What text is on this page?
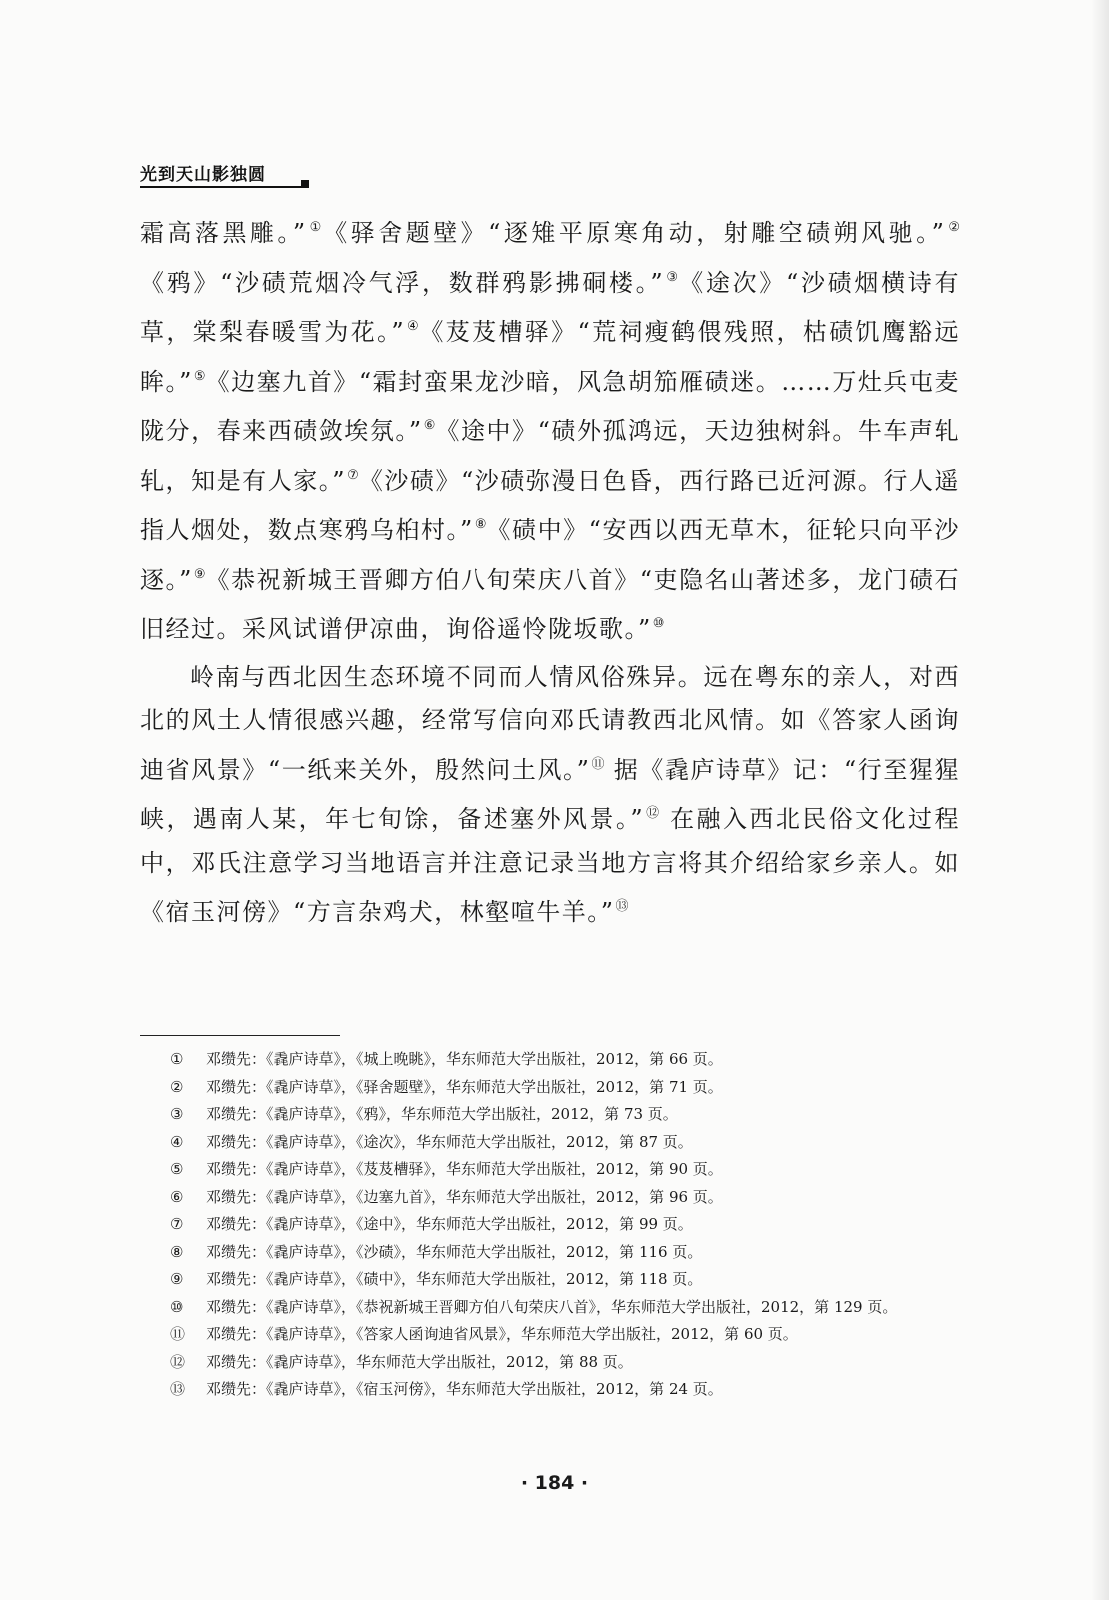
光到天山影独圆

霜高落黑雕。”①《驿舍题壁》“逐雉平原寒角动，射雕空碛朔风驰。”②《鸦》“沙碛荒烟冷气浮，数群鸦影拂硐楼。”③《途次》“沙碛烟横诗有草，棠梨春暖雪为花。”④《芨芨槽驿》“荒祠瘦鹤偎残照，枯碛饥鹰豁远眸。”⑤《边塞九首》“霜封蛮果龙沙暗，风急胡笳雁碛迷。……万灶兵屯麦陇分，春来西碛敛埃氛。”⑥《途中》“碛外孤鸿远，天边独树斜。牛车声轧轧，知是有人家。”⑦《沙碛》“沙碛弥漫日色昏，西行路已近河源。行人遥指人烟处，数点寒鸦乌桕村。”⑧《碛中》“安西以西无草木，征轮只向平沙逐。”⑨《恭祝新城王晋卿方伯八旬荣庆八首》“吏隐名山著述多，龙门碛石旧经过。采风试谱伊凉曲，询俗遥怜陇坂歌。”⑩

岭南与西北因生态环境不同而人情风俗殊异。远在粤东的亲人，对西北的风土人情很感兴趣，经常写信向邓氏请教西北风情。如《答家人函询迪省风景》“一纸来关外，殷然问土风。”⑪ 据《毳庐诗草》记：“行至猩猩峡，遇南人某，年七旬馀，备述塞外风景。”⑫ 在融入西北民俗文化过程中，邓氏注意学习当地语言并注意记录当地方言将其介绍给家乡亲人。如《宿玉河傍》“方言杂鸡犬，林壑喧牛羊。”⑬

①	邓缵先：《毳庐诗草》，《城上晚眺》，华东师范大学出版社，2012，第 66 页。
②	邓缵先：《毳庐诗草》，《驿舍题壁》，华东师范大学出版社，2012，第 71 页。
③	邓缵先：《毳庐诗草》，《鸦》，华东师范大学出版社，2012，第 73 页。
④	邓缵先：《毳庐诗草》，《途次》，华东师范大学出版社，2012，第 87 页。
⑤	邓缵先：《毳庐诗草》，《芨芨槽驿》，华东师范大学出版社，2012，第 90 页。
⑥	邓缵先：《毳庐诗草》，《边塞九首》，华东师范大学出版社，2012，第 96 页。
⑦	邓缵先：《毳庐诗草》，《途中》，华东师范大学出版社，2012，第 99 页。
⑧	邓缵先：《毳庐诗草》，《沙碛》，华东师范大学出版社，2012，第 116 页。
⑨	邓缵先：《毳庐诗草》，《碛中》，华东师范大学出版社，2012，第 118 页。
⑩	邓缵先：《毳庐诗草》，《恭祝新城王晋卿方伯八旬荣庆八首》，华东师范大学出版社，2012，第 129 页。
⑪	邓缵先：《毳庐诗草》，《答家人函询迪省风景》，华东师范大学出版社，2012，第 60 页。
⑫	邓缵先：《毳庐诗草》，华东师范大学出版社，2012，第 88 页。
⑬	邓缵先：《毳庐诗草》，《宿玉河傍》，华东师范大学出版社，2012，第 24 页。
· 184 ·
